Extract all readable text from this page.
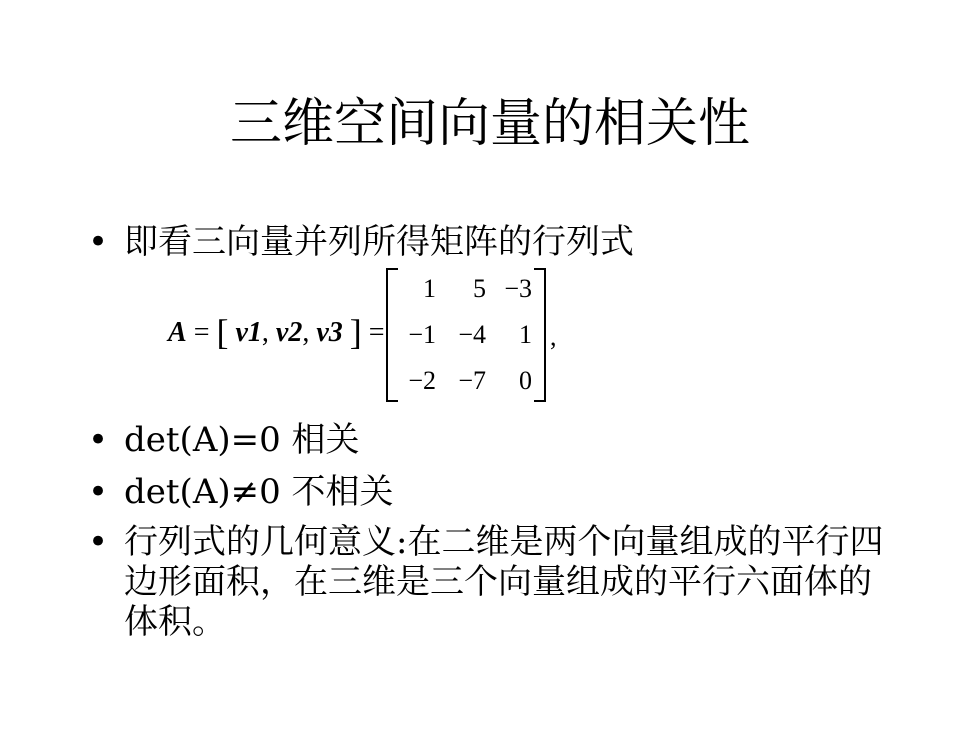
三维空间向量的相关性
• 即看三向量并列所得矩阵的行列式
A = [ v1, v2, v3 ] =
1	5 −3
−1 −4	1
−2 −7	0
,
• det(A)=0 相关
• det(A)≠0 不相关
• 行列式的几何意义:在二维是两个向量组成的平行四边形面积，在三维是三个向量组成的平行六面体的体积。
